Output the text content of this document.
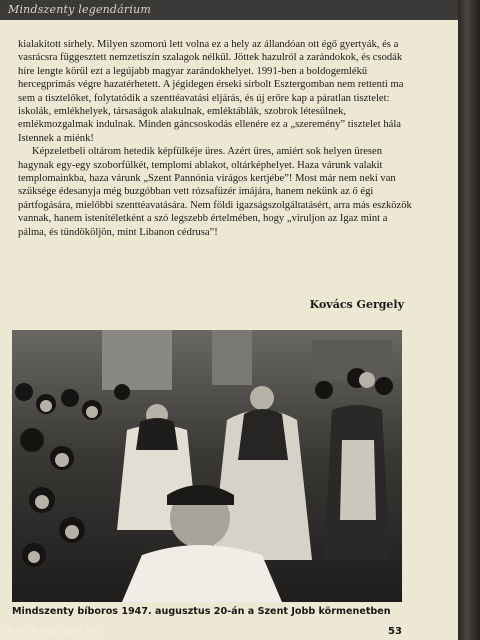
Mindszenty legendárium

kialakított sírhely. Milyen szomorú lett volna ez a hely az állandóan ott égő gyertyák, és a vasrácsra függesztett nemzetiszín szalagok nélkül. Jöttek hazulról a zarándokok, és csodák híre lengte körül ezt a legújabb magyar zarándokhelyet. 1991-ben a boldogemlékű hercegprímás végre hazatérhetett. A jégidegen érseki sírbolt Esztergomban nem rettenti ma sem a tisztelőket, folytatódik a szenttéavatási eljárás, és új erőre kap a páratlan tisztelet: iskolák, emlékhelyek, társaságok alakulnak, emléktáblák, szobrok létesülnek, emlékmozgalmak indulnak. Minden gáncsoskodás ellenére ez a „szeremény” tisztelet hála Istennek a miénk!

Képzeletbeli oltárom hetedik képfülkéje üres. Azért üres, amiért sok helyen üresen hagynak egy-egy szoborfülkét, templomi ablakot, oltárképhelyet. Haza várunk valakit templomainkba, haza várunk „Szent Pannónia virágos kertjébe”! Most már nem neki van szüksége édesanyja még buzgóbban vett rózsafüzér imájára, hanem nekünk az ő égi pártfogására, mielőbbi szenttéavatására. Nem földi igazságszolgáltatásért, arra más eszközök vannak, hanem istenítéletként a szó legszebb értelmében, hogy „viruljon az Igaz mint a pálma, és tündököljön, mint Libanon cédrusa”!

Kovács Gergely
Mindszenty bíboros 1947. augusztus 20-án a Szent Jobb körmenetben
53
Antikvarium.hu
